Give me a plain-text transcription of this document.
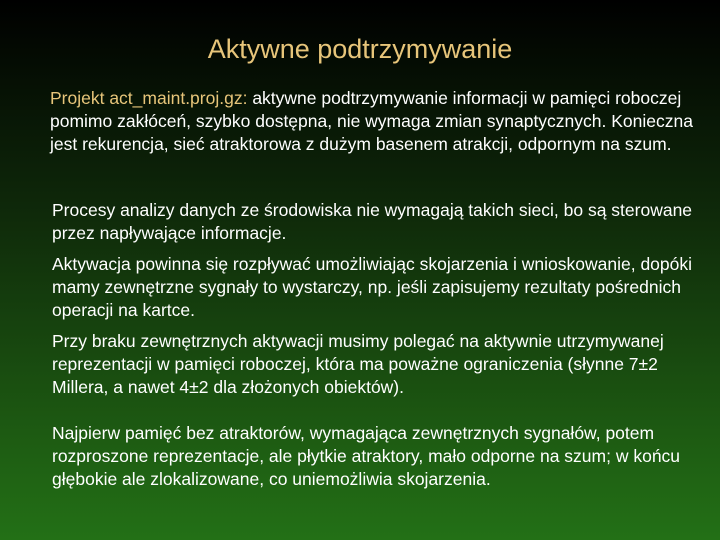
Aktywne podtrzymywanie

Projekt act_maint.proj.gz: aktywne podtrzymywanie informacji w pamięci roboczej pomimo zakłóceń, szybko dostępna, nie wymaga zmian synaptycznych. Konieczna jest rekurencja, sieć atraktorowa z dużym basenem atrakcji, odpornym na szum.

Procesy analizy danych ze środowiska nie wymagają takich sieci, bo są sterowane przez napływające informacje.

Aktywacja powinna się rozpływać umożliwiając skojarzenia i wnioskowanie, dopóki mamy zewnętrzne sygnały to wystarczy, np. jeśli zapisujemy rezultaty pośrednich operacji na kartce.

Przy braku zewnętrznych aktywacji musimy polegać na aktywnie utrzymywanej reprezentacji w pamięci roboczej, która ma poważne ograniczenia (słynne 7±2 Millera, a nawet 4±2 dla złożonych obiektów).

Najpierw pamięć bez atraktorów, wymagająca zewnętrznych sygnałów, potem rozproszone reprezentacje, ale płytkie atraktory, mało odporne na szum; w końcu głębokie ale zlokalizowane, co uniemożliwia skojarzenia.
